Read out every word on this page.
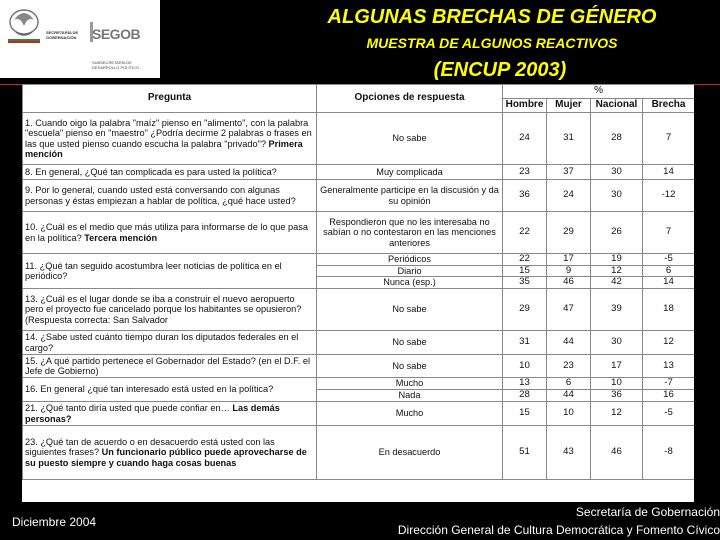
SECRETARÍA DE GOBERNACIÓN	SEGOB
SUBSECRETARÍA DE DESARROLLO POLÍTICO
ALGUNAS BRECHAS DE GÉNERO
MUESTRA DE ALGUNOS REACTIVOS
(ENCUP 2003)
Pregunta	Opciones de respuesta	%			
		Hombre	Mujer	Nacional	Brecha
1. Cuando oigo la palabra "maíz" pienso en "alimento", con la palabra "escuela" pienso en "maestro" ¿Podría decirme 2 palabras o frases en las que usted pienso cuando escucha la palabra "privado"? Primera mención	No sabe	24	31	28	7
8. En general, ¿Qué tan complicada es para usted la política?	Muy complicada	23	37	30	14
9. Por lo general, cuando usted está conversando con algunas personas y éstas empiezan a hablar de política, ¿qué hace usted?	Generalmente participe en la discusión y da su opinión	36	24	30	-12
10. ¿Cuál es el medio que más utiliza para informarse de lo que pasa en la política? Tercera mención	Respondieron que no les interesaba no sabían o no contestaron en las menciones anteriores	22	29	26	7
11. ¿Qué tan seguido acostumbra leer noticias de política en el periódico?	Periódicos	22	17	19	-5
	Diario	15	9	12	6
	Nunca (esp.)	35	46	42	14
13. ¿Cuál es el lugar donde se iba a construir el nuevo aeropuerto pero el proyecto fue cancelado porque los habitantes se opusieron? (Respuesta correcta: San Salvador	No sabe	29	47	39	18
14. ¿Sabe usted cuánto tiempo duran los diputados federales en el cargo?	No sabe	31	44	30	12
15. ¿A qué partido pertenece el Gobernador del Estado? (en el D.F. el Jefe de Gobierno)	No sabe	10	23	17	13
16. En general ¿qué tan interesado está usted en la política?	Mucho	13	6	10	-7
	Nada	28	44	36	16
21. ¿Qué tanto diría usted que puede confiar en… Las demás personas?	Mucho	15	10	12	-5
23. ¿Qué tan de acuerdo o en desacuerdo está usted con las siguientes frases? Un funcionario público puede aprovecharse de su puesto siempre y cuando haga cosas buenas	En desacuerdo	51	43	46	-8
Diciembre 2004
Secretaría de Gobernación
Dirección General de Cultura Democrática y Fomento Cívico
